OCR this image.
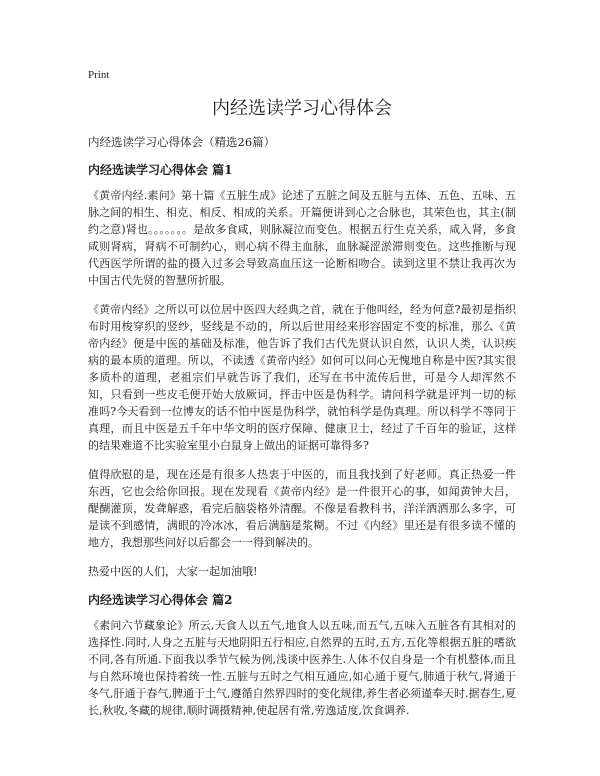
Print
内经选读学习心得体会

内经选读学习心得体会（精选26篇）

内经选读学习心得体会 篇1

《黄帝内经.素问》第十篇《五脏生成》论述了五脏之间及五脏与五体、五色、五味、五脉之间的相生、相克、相反、相成的关系。开篇便讲到心之合脉也，其荣色也，其主(制约之意)肾也。。。。。。。是故多食咸，则脉凝泣而变色。根据五行生克关系，咸入肾，多食咸则肾病，肾病不可制约心，则心病不得主血脉，血脉凝涩淤滞则变色。这些推断与现代西医学所谓的盐的摄入过多会导致高血压这一论断相吻合。读到这里不禁让我再次为中国古代先贤的智慧所折服。

《黄帝内经》之所以可以位居中医四大经典之首，就在于他叫经，经为何意?最初是指织布时用梭穿织的竖纱，竖线是不动的，所以后世用经来形容固定不变的标准，那么《黄帝内经》便是中医的基础及标准，他告诉了我们古代先贤认识自然，认识人类，认识疾病的最本质的道理。所以，不读透《黄帝内经》如何可以问心无愧地自称是中医?其实很多质朴的道理，老祖宗们早就告诉了我们，还写在书中流传后世，可是今人却浑然不知，只看到一些皮毛便开始大放厥词，抨击中医是伪科学。请问科学就是评判一切的标准吗?今天看到一位博友的话不怕中医是伪科学，就怕科学是伪真理。所以科学不等同于真理，而且中医是五千年中华文明的医疗保障、健康卫士，经过了千百年的验证，这样的结果难道不比实验室里小白鼠身上做出的证据可靠得多?

值得欣慰的是，现在还是有很多人热衷于中医的，而且我找到了好老师。真正热爱一件东西，它也会给你回报。现在发现看《黄帝内经》是一件很开心的事，如闻黄钟大吕，醍醐灌顶，发聋解惑，看完后脑袋格外清醒。不像是看教科书，洋洋洒洒那么多字，可是读不到感情，满眼的冷冰冰，看后满脑是浆糊。不过《内经》里还是有很多读不懂的地方，我想那些问好以后都会一一得到解决的。

热爱中医的人们，大家一起加油哦!

内经选读学习心得体会 篇2

《素问六节藏象论》所云,天食人以五气,地食人以五味,而五气,五味入五脏各有其相对的选择性.同时,人身之五脏与天地阴阳五行相应,自然界的五时,五方,五化等根据五脏的嗜欲不同,各有所通.下面我以季节气候为例,浅谈中医养生.人体不仅自身是一个有机整体,而且与自然环境也保持着统一性.五脏与五时之气相互通应,如心通于夏气,肺通于秋气,肾通于冬气,肝通于春气,脾通于土气,遵循自然界四时的变化规律,养生者必须谨奉天时.据春生,夏长,秋收,冬藏的规律,顺时调摄精神,使起居有常,劳逸适度,饮食调养.
